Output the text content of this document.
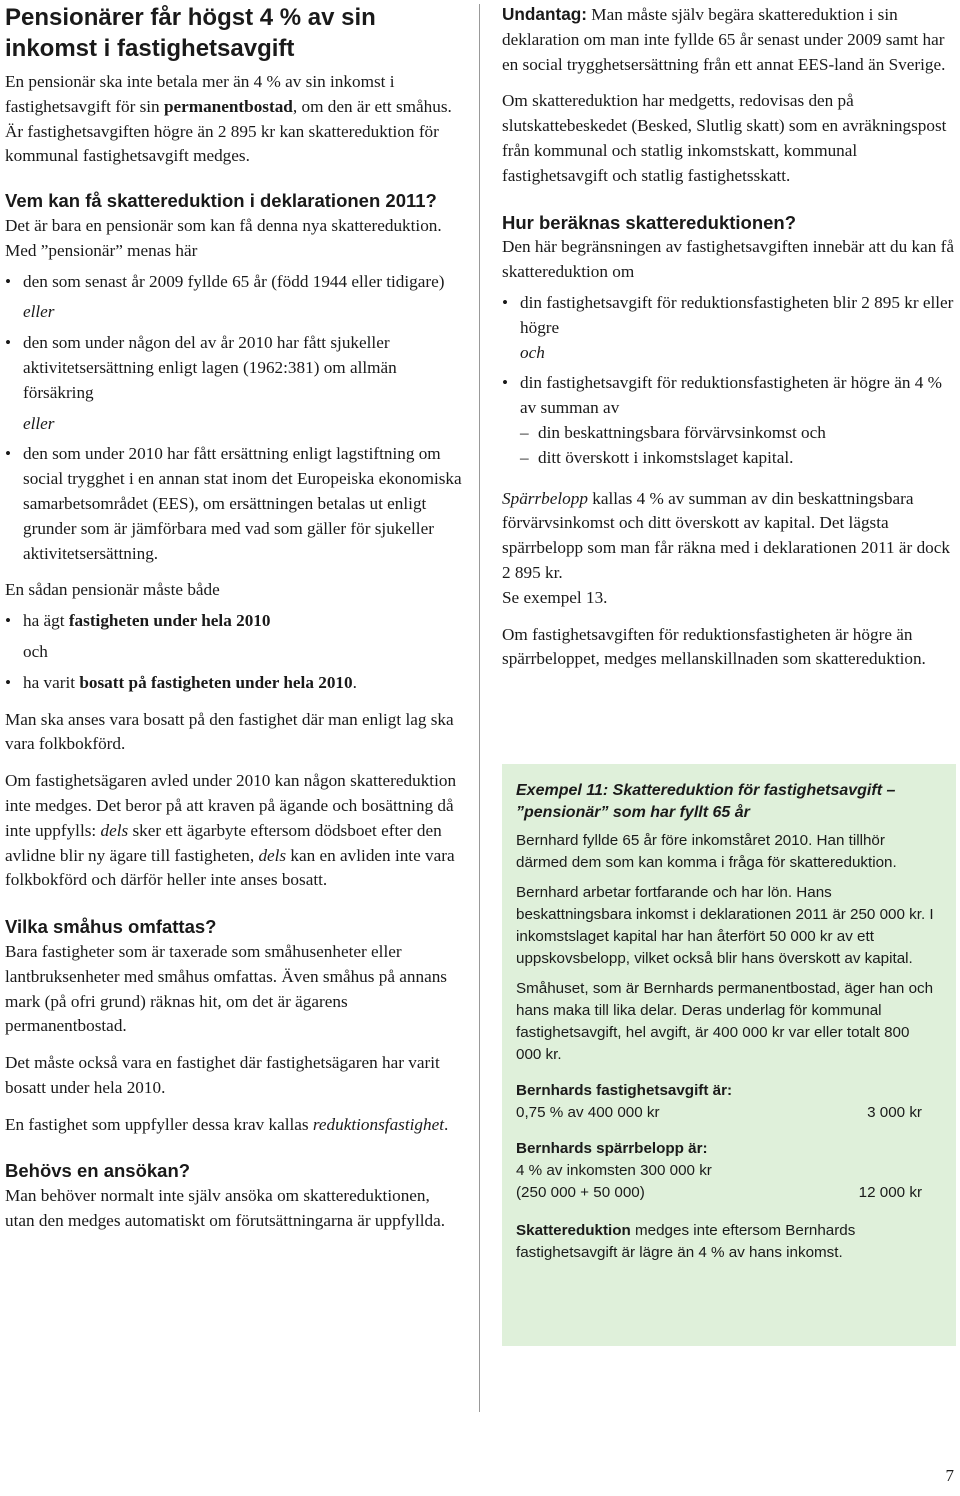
Pensionärer får högst 4 % av sin inkomst i fastighetsavgift

En pensionär ska inte betala mer än 4 % av sin inkomst i fastighetsavgift för sin permanentbostad, om den är ett småhus. Är fastighetsavgiften högre än 2 895 kr kan skattereduktion för kommunal fastighetsavgift medges.

Vem kan få skattereduktion i deklarationen 2011?

Det är bara en pensionär som kan få denna nya skattereduktion. Med ”pensionär” menas här

• den som senast år 2009 fyllde 65 år (född 1944 eller tidigare)
eller
• den som under någon del av år 2010 har fått sjukeller aktivitetsersättning enligt lagen (1962:381) om allmän försäkring
eller
• den som under 2010 har fått ersättning enligt lagstiftning om social trygghet i en annan stat inom det Europeiska ekonomiska samarbetsområdet (EES), om ersättningen betalas ut enligt grunder som är jämförbara med vad som gäller för sjukeller aktivitetsersättning.

En sådan pensionär måste både

• ha ägt fastigheten under hela 2010
och
• ha varit bosatt på fastigheten under hela 2010.

Man ska anses vara bosatt på den fastighet där man enligt lag ska vara folkbokförd.

Om fastighetsägaren avled under 2010 kan någon skattereduktion inte medges. Det beror på att kraven på ägande och bosättning då inte uppfylls: dels sker ett ägarbyte eftersom dödsboet efter den avlidne blir ny ägare till fastigheten, dels kan en avliden inte vara folkbokförd och därför heller inte anses bosatt.

Vilka småhus omfattas?

Bara fastigheter som är taxerade som småhusenheter eller lantbruksenheter med småhus omfattas. Även småhus på annans mark (på ofri grund) räknas hit, om det är ägarens permanentbostad.

Det måste också vara en fastighet där fastighetsägaren har varit bosatt under hela 2010.

En fastighet som uppfyller dessa krav kallas reduktionsfastighet.

Behövs en ansökan?

Man behöver normalt inte själv ansöka om skattereduktionen, utan den medges automatiskt om förutsättningarna är uppfyllda.

Undantag: Man måste själv begära skattereduktion i sin deklaration om man inte fyllde 65 år senast under 2009 samt har en social trygghetsersättning från ett annat EES-land än Sverige.

Om skattereduktion har medgetts, redovisas den på slutskattebeskedet (Besked, Slutlig skatt) som en avräkningspost från kommunal och statlig inkomstskatt, kommunal fastighetsavgift och statlig fastighetsskatt.

Hur beräknas skattereduktionen?

Den här begränsningen av fastighetsavgiften innebär att du kan få skattereduktion om

• din fastighetsavgift för reduktionsfastigheten blir 2 895 kr eller högre
och
• din fastighetsavgift för reduktionsfastigheten är högre än 4 % av summan av
– din beskattningsbara förvärvsinkomst och
– ditt överskott i inkomstslaget kapital.

Spärrbelopp kallas 4 % av summan av din beskattningsbara förvärvsinkomst och ditt överskott av kapital. Det lägsta spärrbelopp som man får räkna med i deklarationen 2011 är dock 2 895 kr.

Se exempel 13.

Om fastighetsavgiften för reduktionsfastigheten är högre än spärrbeloppet, medges mellanskillnaden som skattereduktion.

Exempel 11: Skattereduktion för fastighetsavgift – ”pensionär” som har fyllt 65 år

Bernhard fyllde 65 år före inkomståret 2010. Han tillhör därmed dem som kan komma i fråga för skattereduktion.

Bernhard arbetar fortfarande och har lön. Hans beskattningsbara inkomst i deklarationen 2011 är 250 000 kr. I inkomstslaget kapital har han återfört 50 000 kr av ett uppskovsbelopp, vilket också blir hans överskott av kapital.

Småhuset, som är Bernhards permanentbostad, äger han och hans maka till lika delar. Deras underlag för kommunal fastighetsavgift, hel avgift, är 400 000 kr var eller totalt 800 000 kr.

Bernhards fastighetsavgift är:

0,75 % av 400 000 kr	3 000 kr

Bernhards spärrbelopp är:

4 % av inkomsten 300 000 kr
(250 000 + 50 000)	12 000 kr

Skattereduktion medges inte eftersom Bernhards fastighetsavgift är lägre än 4 % av hans inkomst.

7
